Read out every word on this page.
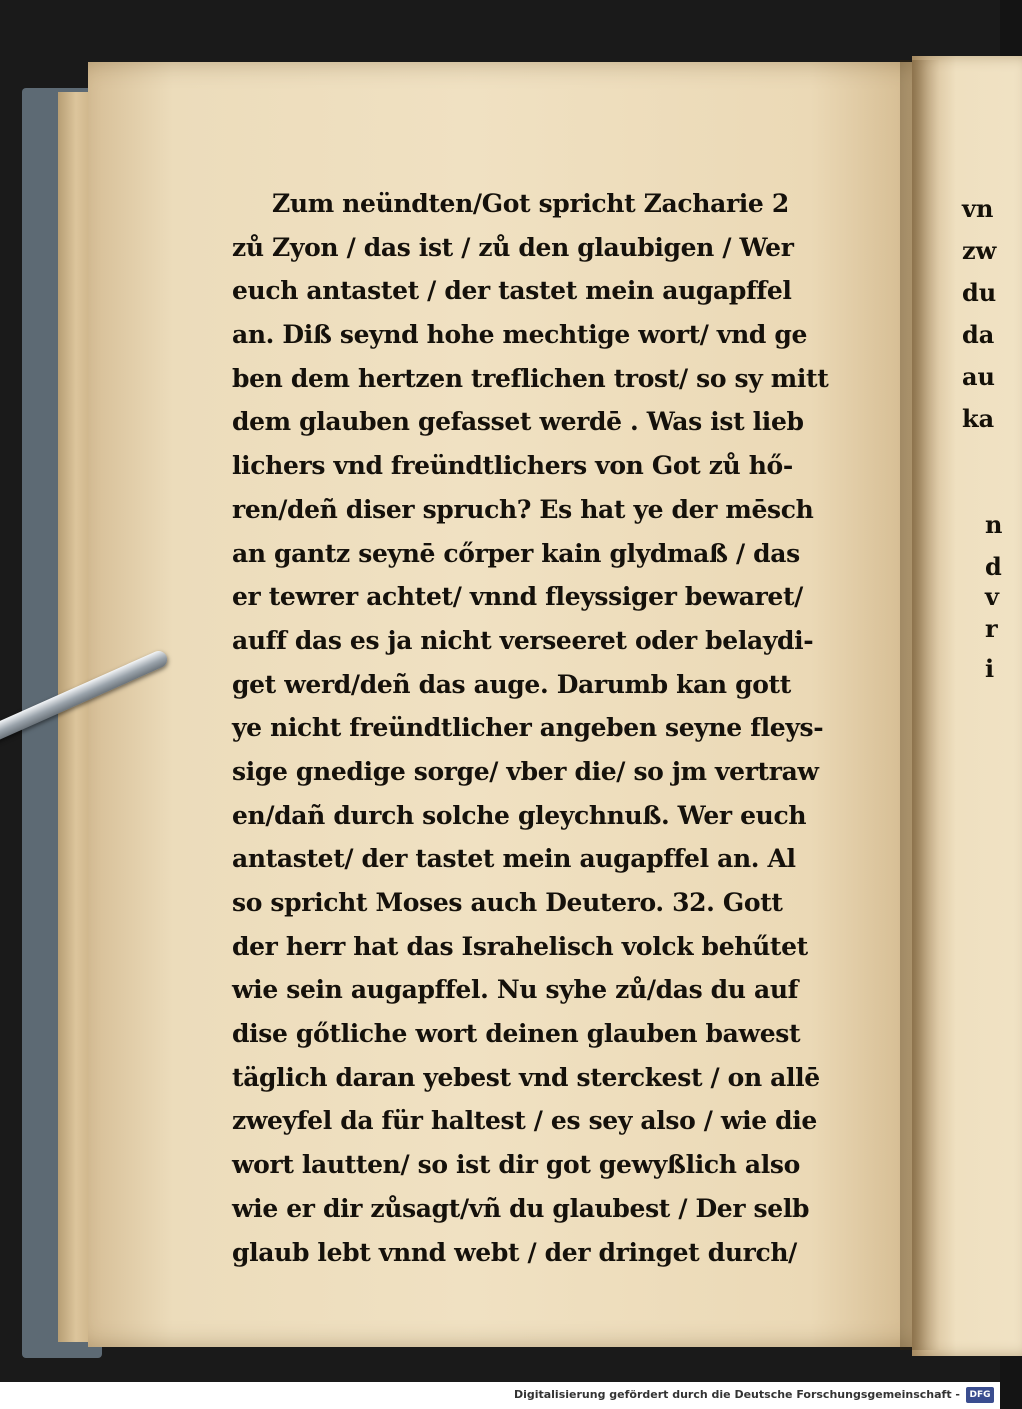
vn
zw
du
da
au
ka
n
d
v
r
i
Zum neündten/Got spricht Zacharie 2
zů Zyon / das ist / zů den glaubigen / Wer
euch antastet / der tastet mein augapffel
an. Diß seynd hohe mechtige wort/ vnd ge
ben dem hertzen treflichen trost/ so sy mitt
dem glauben gefasset werdē . Was ist lieb
lichers vnd freündtlichers von Got zů hő-
ren/deñ diser spruch? Es hat ye der mēsch
an gantz seynē cőrper kain glydmaß / das
er tewrer achtet/ vnnd fleyssiger bewaret/
auff das es ja nicht verseeret oder belaydi-
get werd/deñ das auge. Darumb kan gott
ye nicht freündtlicher angeben seyne fleys-
sige gnedige sorge/ vber die/ so jm vertraw
en/dañ durch solche gleychnuß. Wer euch
antastet/ der tastet mein augapffel an. Al
so spricht Moses auch Deutero. 32. Gott
der herr hat das Israhelisch volck behűtet
wie sein augapffel. Nu syhe zů/das du auf
dise gőtliche wort deinen glauben bawest
täglich daran yebest vnd sterckest / on allē
zweyfel da für haltest / es sey also / wie die
wort lautten/ so ist dir got gewyßlich also
wie er dir zůsagt/vñ du glaubest / Der selb
glaub lebt vnnd webt / der dringet durch/
Digitalisierung gefördert durch die Deutsche Forschungsgemeinschaft -	DFG
